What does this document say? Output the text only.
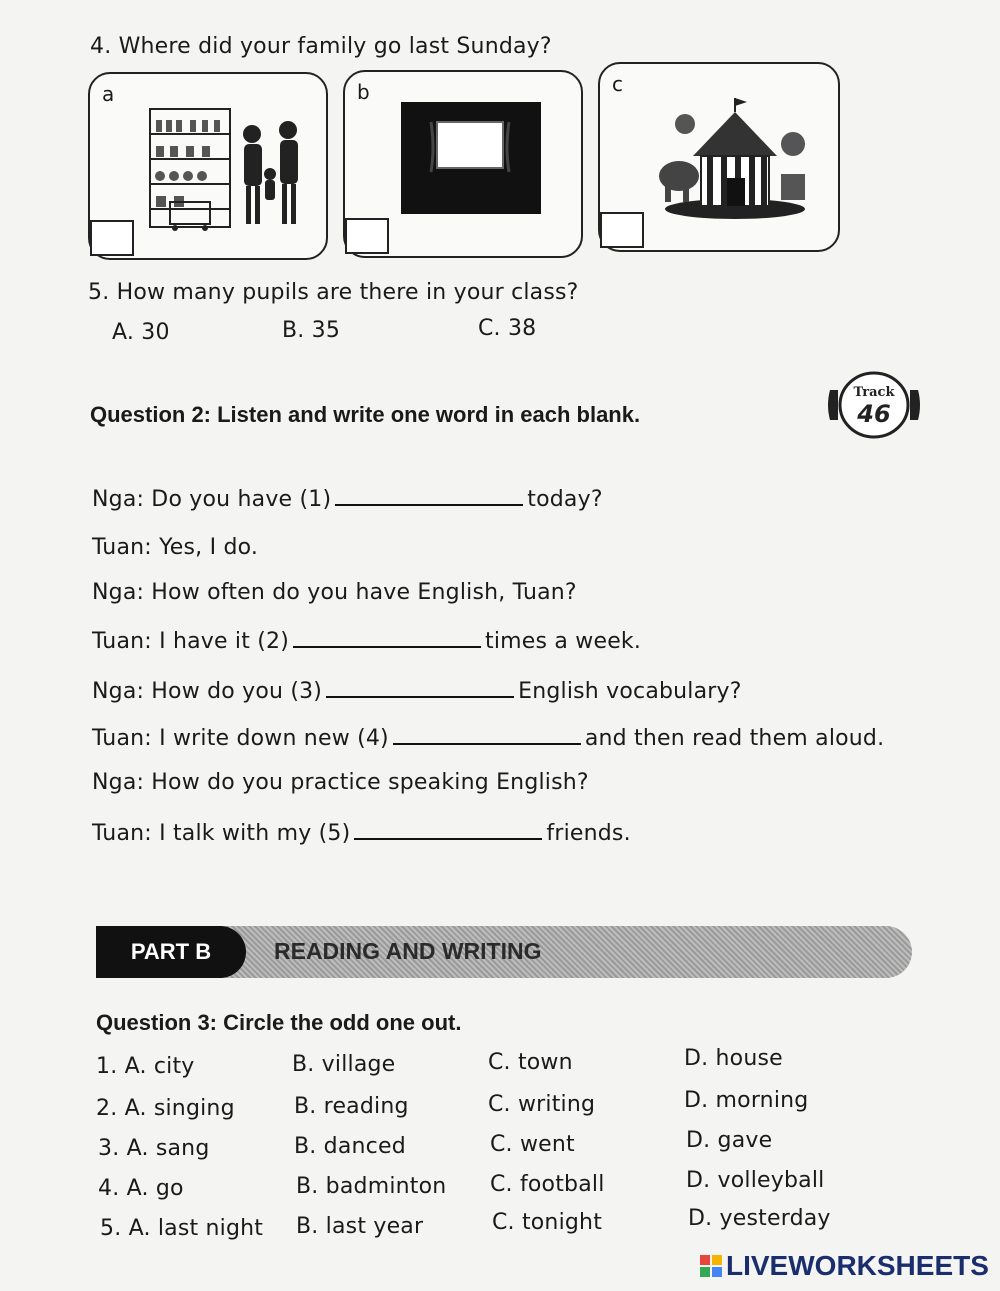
4. Where did your family go last Sunday?
a	b	c
5. How many pupils are there in your class?
A. 30	B. 35	C. 38
Question 2: Listen and write one word in each blank.
Track
46
Nga: Do you have (1)	today?
Tuan: Yes, I do.
Nga: How often do you have English, Tuan?
Tuan: I have it (2)	times a week.
Nga: How do you (3)	English vocabulary?
Tuan: I write down new (4)	and then read them aloud.
Nga: How do you practice speaking English?
Tuan: I talk with my (5)	friends.
PART B	READING AND WRITING
Question 3: Circle the odd one out.
1. A. city	B. village	C. town	D. house
2. A. singing	B. reading	C. writing	D. morning
3. A. sang	B. danced	C. went	D. gave
4. A. go	B. badminton C. football	D. volleyball
5. A. last night B. last year	C. tonight	D. yesterday
LIVEWORKSHEETS
